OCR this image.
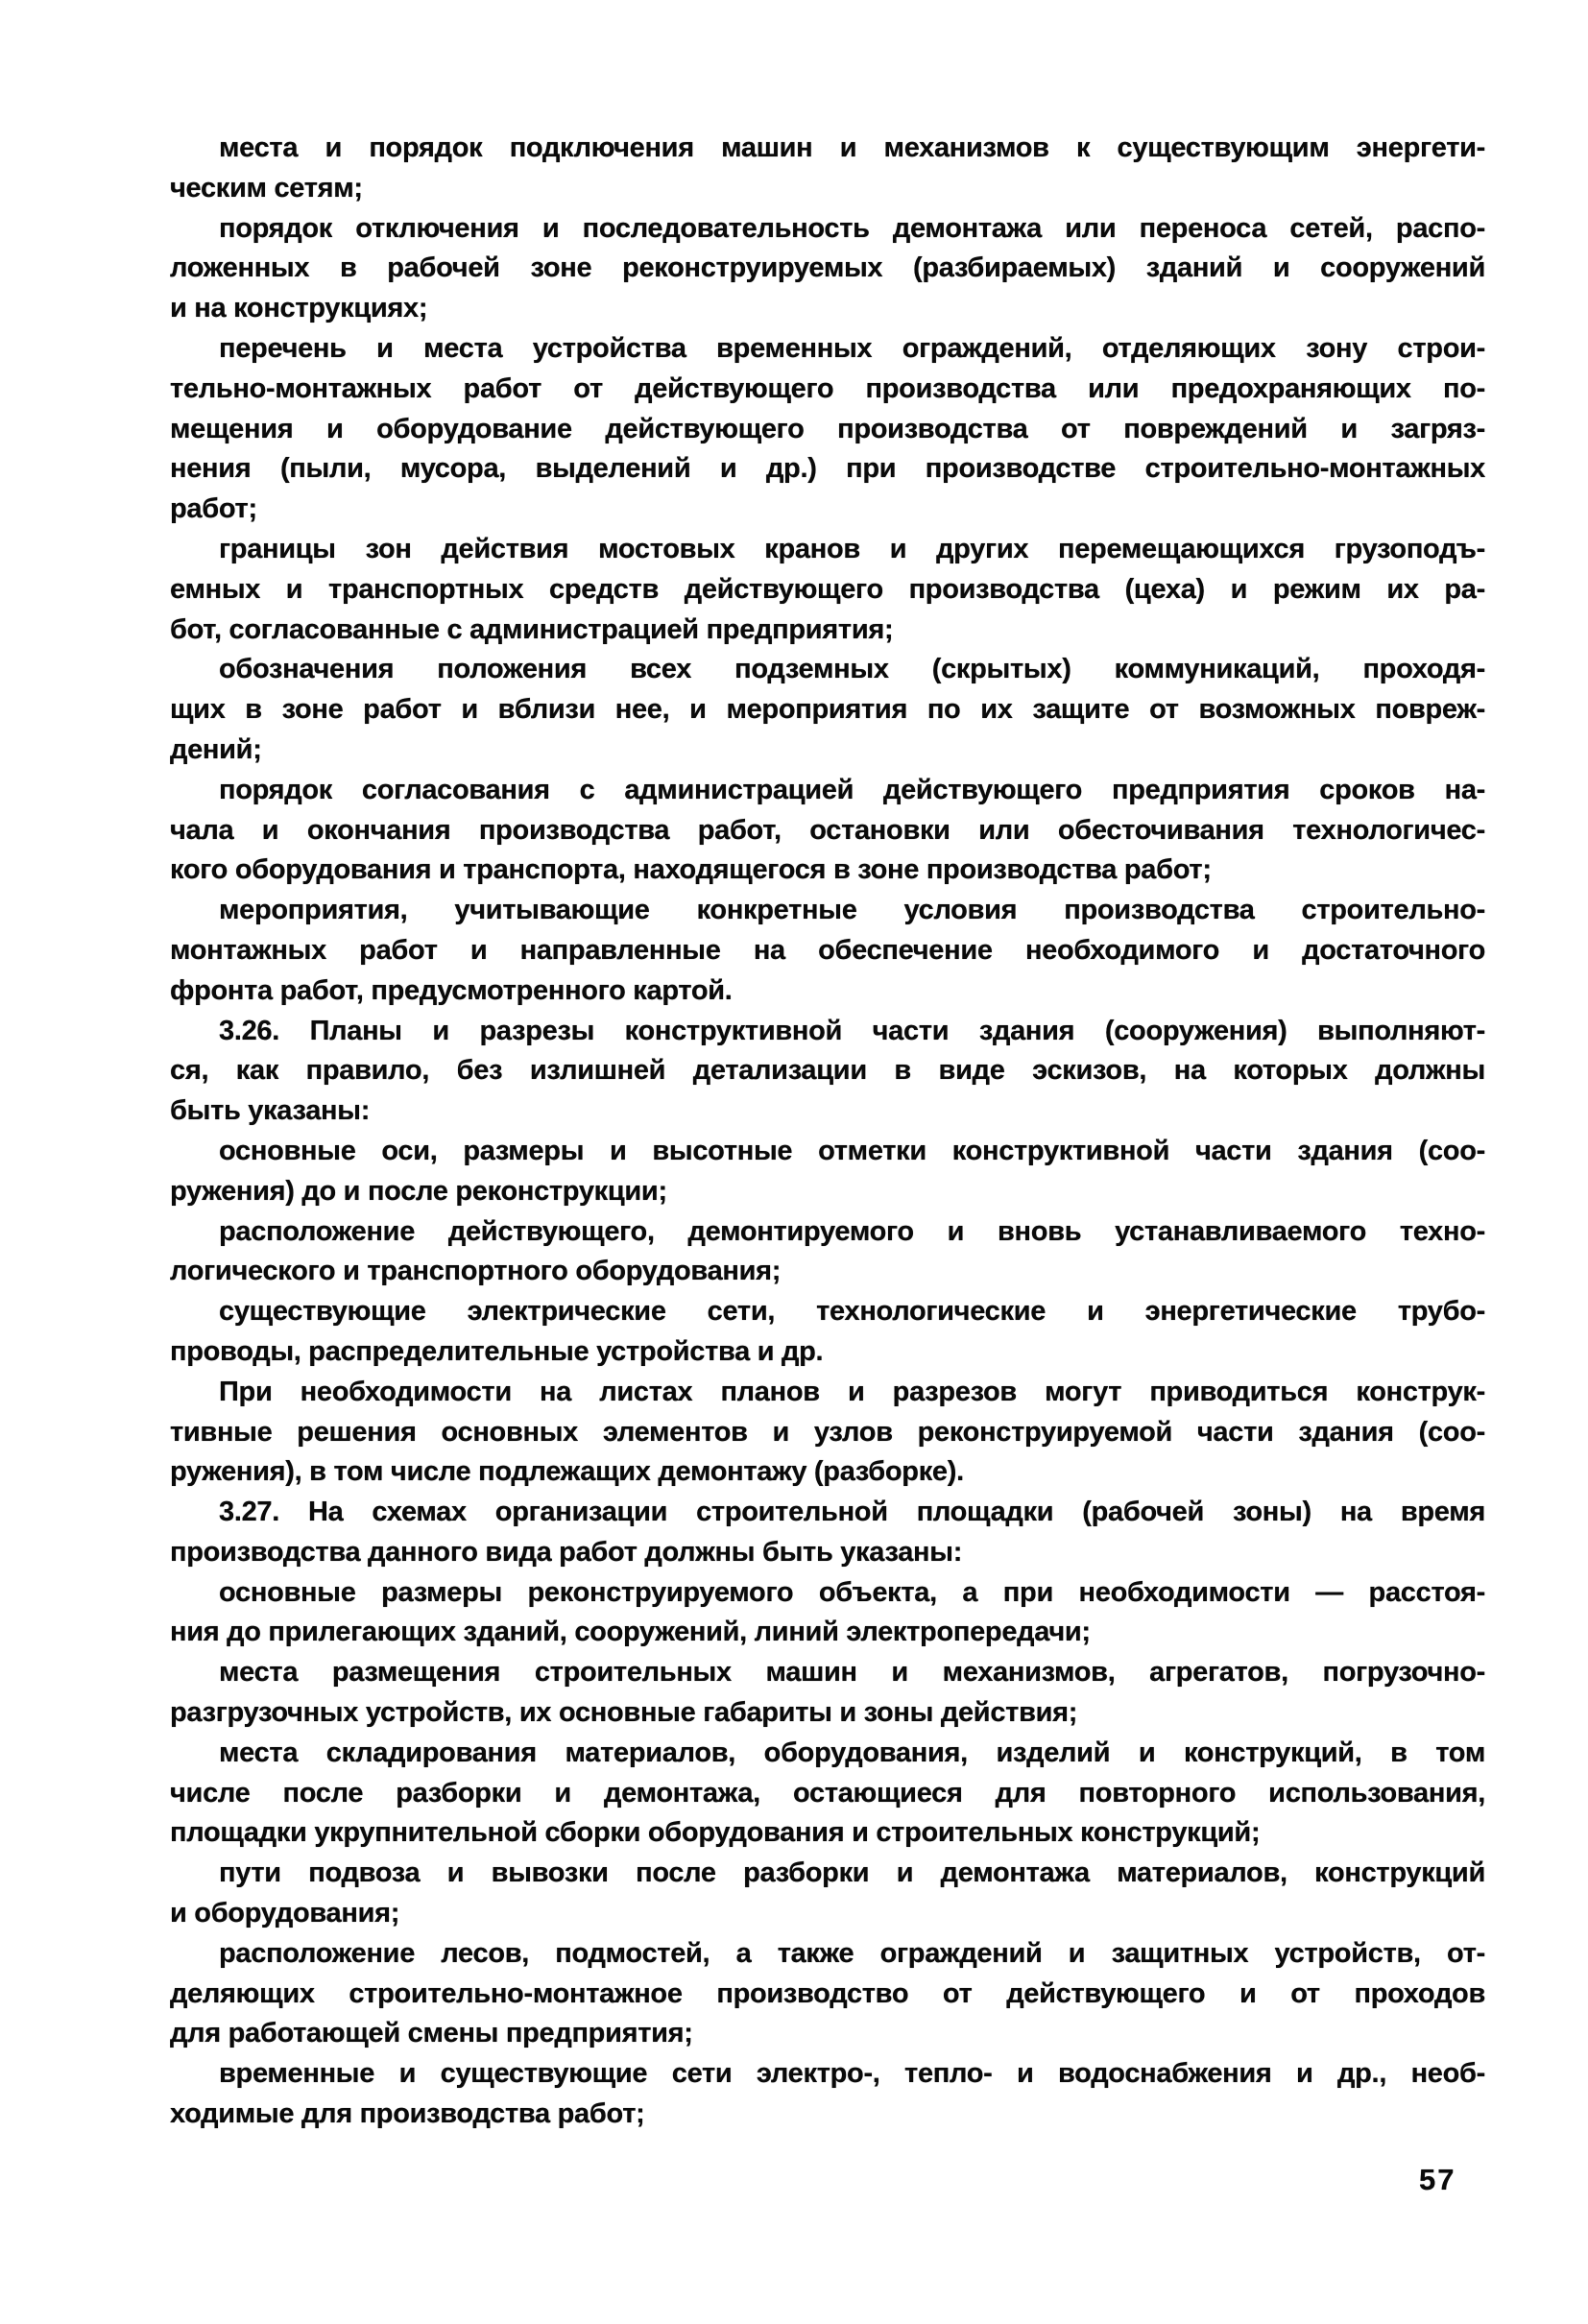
места и порядок подключения машин и механизмов к существующим энергети-
ческим сетям;
порядок отключения и последовательность демонтажа или переноса сетей, распо-
ложенных в рабочей зоне реконструируемых (разбираемых) зданий и сооружений
и на конструкциях;
перечень и места устройства временных ограждений, отделяющих зону строи-
тельно-монтажных работ от действующего производства или предохраняющих по-
мещения и оборудование действующего производства от повреждений и загряз-
нения (пыли, мусора, выделений и др.) при производстве строительно-монтажных
работ;
границы зон действия мостовых кранов и других перемещающихся грузоподъ-
емных и транспортных средств действующего производства (цеха) и режим их ра-
бот, согласованные с администрацией предприятия;
обозначения положения всех подземных (скрытых) коммуникаций, проходя-
щих в зоне работ и вблизи нее, и мероприятия по их защите от возможных повреж-
дений;
порядок согласования с администрацией действующего предприятия сроков на-
чала и окончания производства работ, остановки или обесточивания технологичес-
кого оборудования и транспорта, находящегося в зоне производства работ;
мероприятия, учитывающие конкретные условия производства строительно-
монтажных работ и направленные на обеспечение необходимого и достаточного
фронта работ, предусмотренного картой.
3.26. Планы и разрезы конструктивной части здания (сооружения) выполняют-
ся, как правило, без излишней детализации в виде эскизов, на которых должны
быть указаны:
основные оси, размеры и высотные отметки конструктивной части здания (соо-
ружения) до и после реконструкции;
расположение действующего, демонтируемого и вновь устанавливаемого техно-
логического и транспортного оборудования;
существующие электрические сети, технологические и энергетические трубо-
проводы, распределительные устройства и др.
При необходимости на листах планов и разрезов могут приводиться конструк-
тивные решения основных элементов и узлов реконструируемой части здания (соо-
ружения), в том числе подлежащих демонтажу (разборке).
3.27. На схемах организации строительной площадки (рабочей зоны) на время
производства данного вида работ должны быть указаны:
основные размеры реконструируемого объекта, а при необходимости — расстоя-
ния до прилегающих зданий, сооружений, линий электропередачи;
места размещения строительных машин и механизмов, агрегатов, погрузочно-
разгрузочных устройств, их основные габариты и зоны действия;
места складирования материалов, оборудования, изделий и конструкций, в том
числе после разборки и демонтажа, остающиеся для повторного использования,
площадки укрупнительной сборки оборудования и строительных конструкций;
пути подвоза и вывозки после разборки и демонтажа материалов, конструкций
и оборудования;
расположение лесов, подмостей, а также ограждений и защитных устройств, от-
деляющих строительно-монтажное производство от действующего и от проходов
для работающей смены предприятия;
временные и существующие сети электро-, тепло- и водоснабжения и др., необ-
ходимые для производства работ;
57
